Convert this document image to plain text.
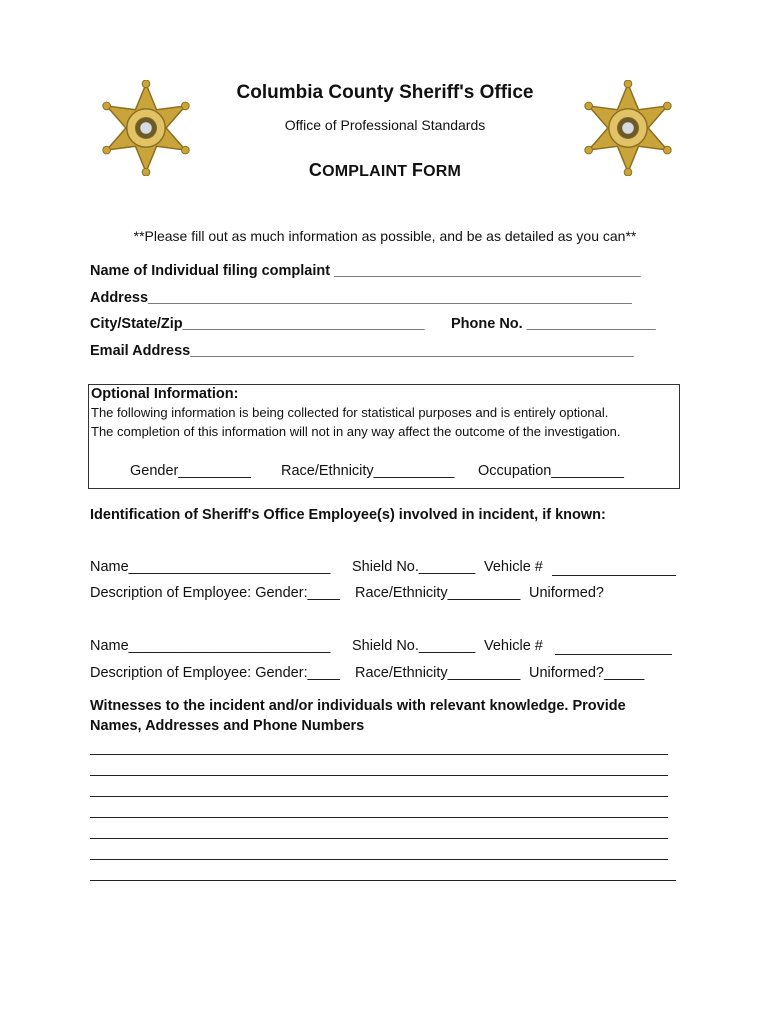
Columbia County Sheriff's Office
Office of Professional Standards
COMPLAINT FORM
**Please fill out as much information as possible, and be as detailed as you can**
Name of Individual filing complaint ______________________________________
Address____________________________________________________________
City/State/Zip______________________________ Phone No. ________________
Email Address_______________________________________________________
Optional Information:
The following information is being collected for statistical purposes and is entirely optional.
The completion of this information will not in any way affect the outcome of the investigation.
Gender_________ Race/Ethnicity__________ Occupation_________
Identification of Sheriff's Office Employee(s) involved in incident, if known:
Name_________________________ Shield No._______ Vehicle #
Description of Employee: Gender:____ Race/Ethnicity_________ Uniformed?
Name_________________________ Shield No._______ Vehicle #
Description of Employee: Gender:____ Race/Ethnicity_________ Uniformed?_____
Witnesses to the incident and/or individuals with relevant knowledge. Provide
Names, Addresses and Phone Numbers
